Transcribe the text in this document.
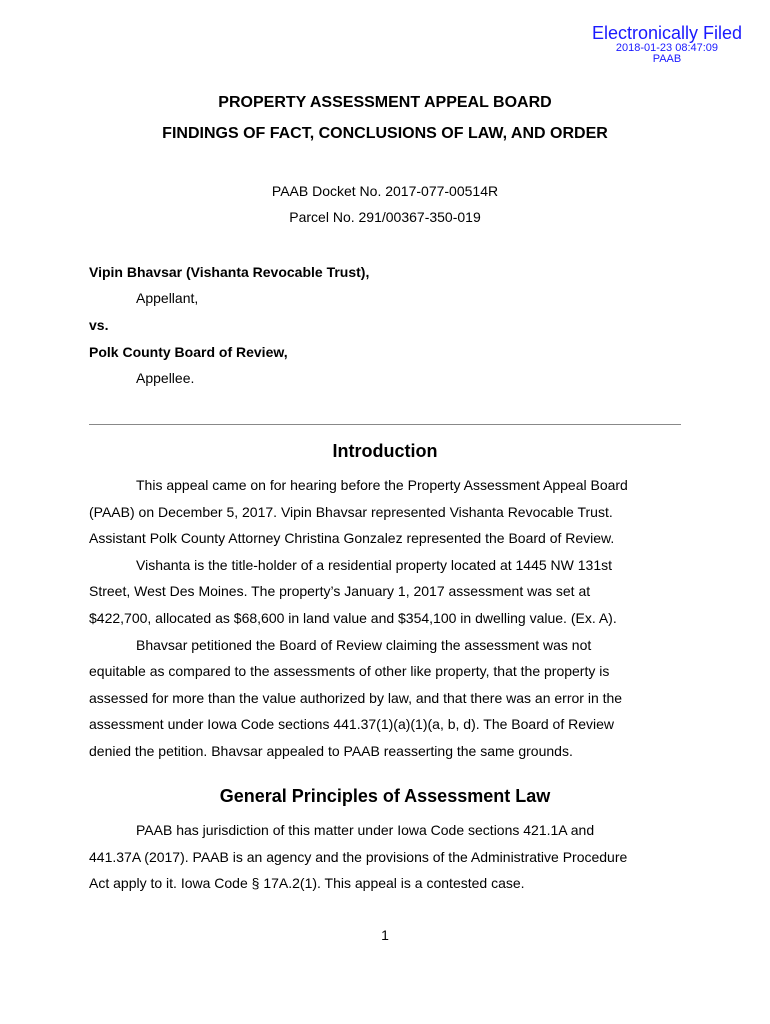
Electronically Filed
2018-01-23 08:47:09
PAAB
PROPERTY ASSESSMENT APPEAL BOARD
FINDINGS OF FACT, CONCLUSIONS OF LAW, AND ORDER
PAAB Docket No. 2017-077-00514R
Parcel No. 291/00367-350-019
Vipin Bhavsar (Vishanta Revocable Trust),
Appellant,
vs.
Polk County Board of Review,
Appellee.
Introduction
This appeal came on for hearing before the Property Assessment Appeal Board
(PAAB) on December 5, 2017. Vipin Bhavsar represented Vishanta Revocable Trust.
Assistant Polk County Attorney Christina Gonzalez represented the Board of Review.
Vishanta is the title-holder of a residential property located at 1445 NW 131st
Street, West Des Moines. The property’s January 1, 2017 assessment was set at
$422,700, allocated as $68,600 in land value and $354,100 in dwelling value. (Ex. A).
Bhavsar petitioned the Board of Review claiming the assessment was not
equitable as compared to the assessments of other like property, that the property is
assessed for more than the value authorized by law, and that there was an error in the
assessment under Iowa Code sections 441.37(1)(a)(1)(a, b, d). The Board of Review
denied the petition. Bhavsar appealed to PAAB reasserting the same grounds.
General Principles of Assessment Law
PAAB has jurisdiction of this matter under Iowa Code sections 421.1A and
441.37A (2017). PAAB is an agency and the provisions of the Administrative Procedure
Act apply to it. Iowa Code § 17A.2(1). This appeal is a contested case.
1
